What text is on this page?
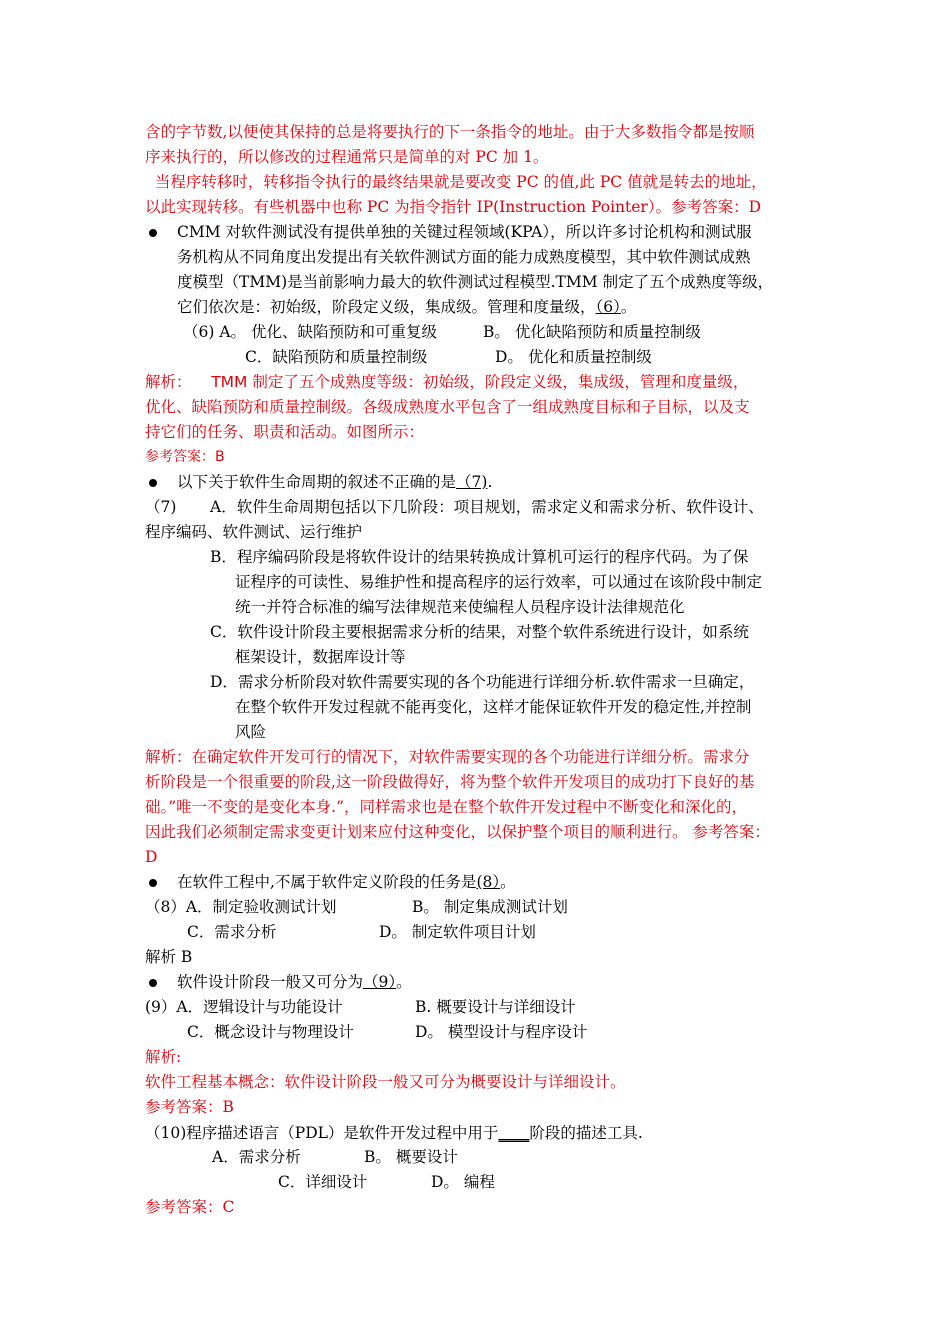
含的字节数,以便使其保持的总是将要执行的下一条指令的地址。由于大多数指令都是按顺
序来执行的，所以修改的过程通常只是简单的对 PC 加 1。
当程序转移时，转移指令执行的最终结果就是要改变 PC 的值,此 PC 值就是转去的地址，
以此实现转移。有些机器中也称 PC 为指令指针 IP(Instruction Pointer）。参考答案：D
CMM 对软件测试没有提供单独的关键过程领域(KPA），所以许多讨论机构和测试服
务机构从不同角度出发提出有关软件测试方面的能力成熟度模型，其中软件测试成熟
度模型（TMM)是当前影响力最大的软件测试过程模型.TMM 制定了五个成熟度等级，
它们依次是：初始级，阶段定义级，集成级。管理和度量级，（6）。
（6) A。 优化、缺陷预防和可重复级	B。 优化缺陷预防和质量控制级
C．缺陷预防和质量控制级	D。 优化和质量控制级
解析：    TMM 制定了五个成熟度等级：初始级，阶段定义级，集成级，管理和度量级，
优化、缺陷预防和质量控制级。各级成熟度水平包含了一组成熟度目标和子目标，以及支
持它们的任务、职责和活动。如图所示：
参考答案：B
以下关于软件生命周期的叙述不正确的是（7).
（7) A．软件生命周期包括以下几阶段：项目规划，需求定义和需求分析、软件设计、
程序编码、软件测试、运行维护
B．程序编码阶段是将软件设计的结果转换成计算机可运行的程序代码。为了保
证程序的可读性、易维护性和提高程序的运行效率，可以通过在该阶段中制定
统一并符合标准的编写法律规范来使编程人员程序设计法律规范化
C．软件设计阶段主要根据需求分析的结果，对整个软件系统进行设计，如系统
框架设计，数据库设计等
D．需求分析阶段对软件需要实现的各个功能进行详细分析.软件需求一旦确定，
在整个软件开发过程就不能再变化，这样才能保证软件开发的稳定性,并控制
风险
解析：在确定软件开发可行的情况下，对软件需要实现的各个功能进行详细分析。需求分
析阶段是一个很重要的阶段,这一阶段做得好，将为整个软件开发项目的成功打下良好的基
础。”唯一不变的是变化本身.”，同样需求也是在整个软件开发过程中不断变化和深化的，
因此我们必须制定需求变更计划来应付这种变化，以保护整个项目的顺利进行。 参考答案：
D
在软件工程中,不属于软件定义阶段的任务是(8）。
（8）A．制定验收测试计划	B。 制定集成测试计划
C．需求分析	D。 制定软件项目计划
解析 B
软件设计阶段一般又可分为（9）。
(9）A．逻辑设计与功能设计	B. 概要设计与详细设计
C．概念设计与物理设计	D。 模型设计与程序设计
解析:
软件工程基本概念：软件设计阶段一般又可分为概要设计与详细设计。
参考答案：B
（10)程序描述语言（PDL）是软件开发过程中用于____阶段的描述工具.
A．需求分析	B。 概要设计
C．详细设计	D。 编程
参考答案：C
